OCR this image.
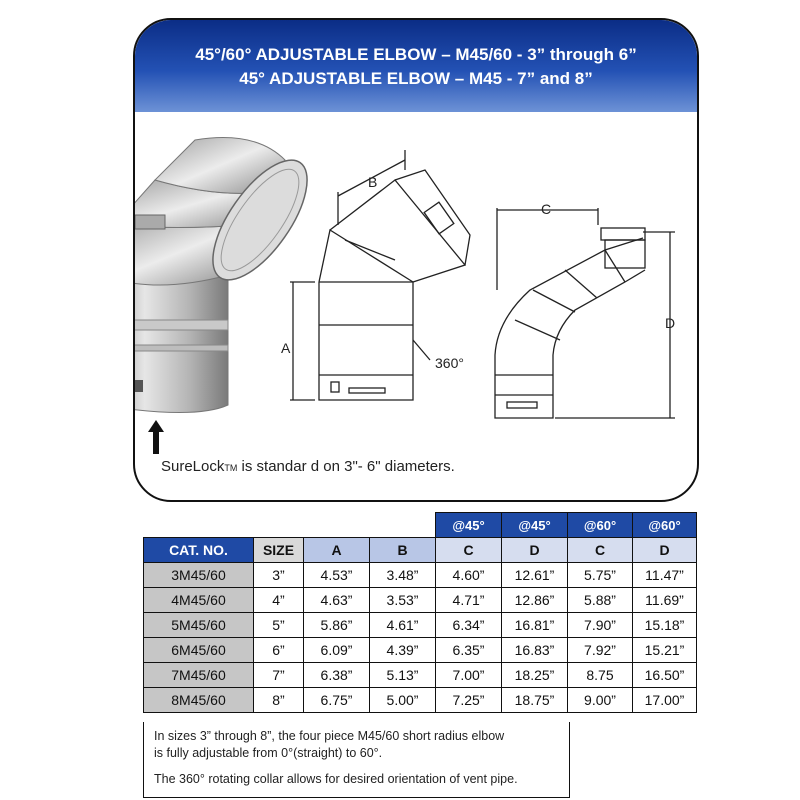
45°/60° ADJUSTABLE ELBOW – M45/60 - 3” through 6”
45° ADJUSTABLE ELBOW – M45 - 7” and 8”
B
A
360°
C
D
SureLockTM is standar d on 3"- 6" diameters.
				@45°	@45°	@60°	@60°
CAT. NO.	SIZE	A	B	C	D	C	D
3M45/60	3”	4.53”	3.48”	4.60”	12.61”	5.75”	11.47”
4M45/60	4”	4.63”	3.53”	4.71”	12.86”	5.88”	11.69”
5M45/60	5”	5.86”	4.61”	6.34”	16.81”	7.90”	15.18”
6M45/60	6”	6.09”	4.39”	6.35”	16.83”	7.92”	15.21”
7M45/60	7”	6.38”	5.13”	7.00”	18.25”	8.75	16.50”
8M45/60	8”	6.75”	5.00”	7.25”	18.75”	9.00”	17.00”

In sizes 3” through 8”, the four piece M45/60 short radius elbow
is fully adjustable from 0°(straight) to 60°.

The 360° rotating collar allows for desired orientation of vent pipe.
